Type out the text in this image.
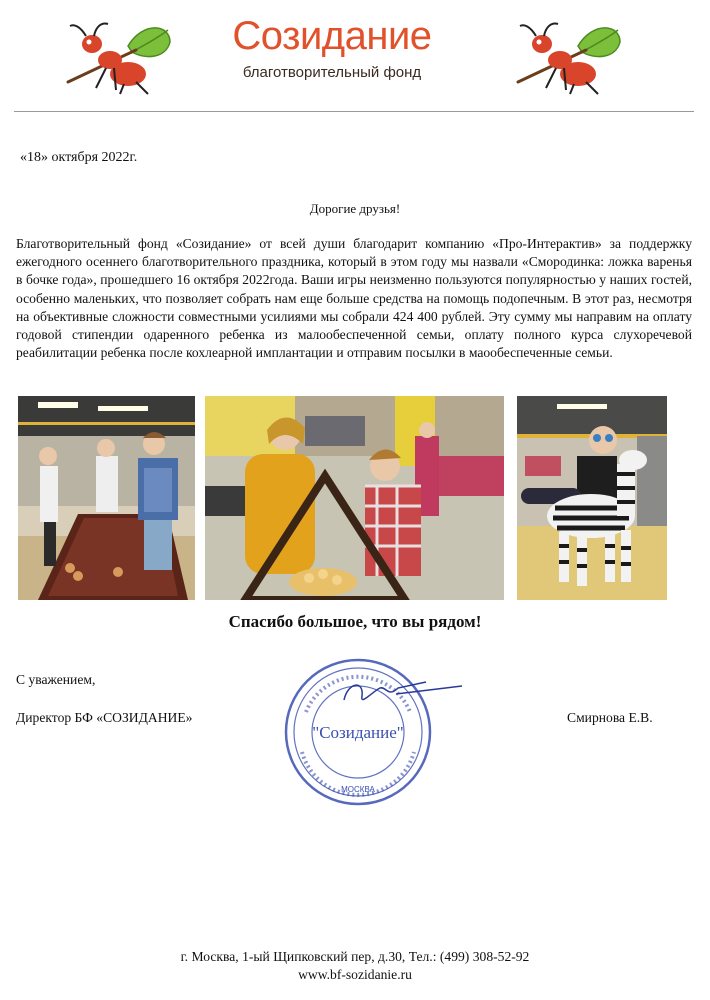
Созидание
благотворительный фонд
«18» октября 2022г.
Дорогие друзья!

Благотворительный фонд «Созидание» от всей души благодарит компанию «Про-Интерактив» за поддержку ежегодного осеннего благотворительного праздника, который в этом году мы назвали «Смородинка: ложка варенья в бочке года», прошедшего 16 октября 2022года. Ваши игры неизменно пользуются популярностью у наших гостей, особенно маленьких, что позволяет собрать нам еще больше средства на помощь подопечным. В этот раз, несмотря на объективные сложности совместными усилиями мы собрали 424 400 рублей. Эту сумму мы направим на оплату годовой стипендии одаренного ребенка из малообеспеченной семьи, оплату полного курса слухоречевой реабилитации ребенка после кохлеарной имплантации и отправим посылки в маообеспеченные семьи.

Спасибо большое, что вы рядом!
С уважением,
Директор БФ «СОЗИДАНИЕ»	Смирнова Е.В.
"Созидание"
МОСКВА
г. Москва, 1-ый Щипковский пер, д.30, Тел.: (499) 308-52-92
www.bf-sozidanie.ru
